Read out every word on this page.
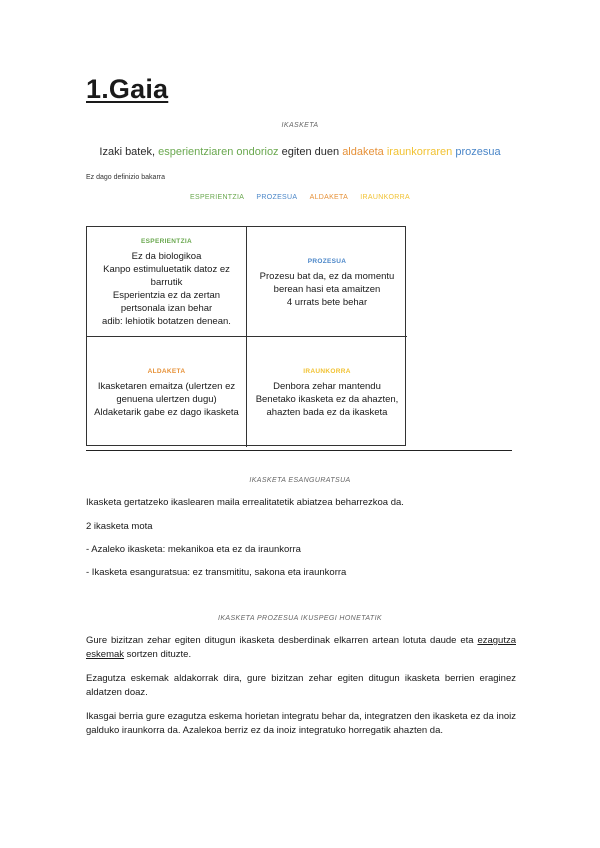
1.Gaia
IKASKETA
Izaki batek, esperientziaren ondorioz egiten duen aldaketa iraunkorraren prozesua
Ez dago definizio bakarra
ESPERIENTZIA PROZESUA ALDAKETA IRAUNKORRA
ESPERIENTZIA

Ez da biologikoa

Kanpo estimuluetatik datoz ez barrutik

Esperientzia ez da zertan pertsonala izan behar

adib: lehiotik botatzen denean.

PROZESUA

Prozesu bat da, ez da momentu berean hasi eta amaitzen

4 urrats bete behar

ALDAKETA

Ikasketaren emaitza (ulertzen ez genuena ulertzen dugu)

Aldaketarik gabe ez dago ikasketa

IRAUNKORRA

Denbora zehar mantendu

Benetako ikasketa ez da ahazten, ahazten bada ez da ikasketa

IKASKETA ESANGURATSUA

Ikasketa gertatzeko ikaslearen maila errealitatetik abiatzea beharrezkoa da.

2 ikasketa mota

- Azaleko ikasketa: mekanikoa eta ez da iraunkorra

- Ikasketa esanguratsua: ez transmititu, sakona eta iraunkorra

IKASKETA PROZESUA IKUSPEGI HONETATIK

Gure bizitzan zehar egiten ditugun ikasketa desberdinak elkarren artean lotuta daude eta ezagutza eskemak sortzen dituzte.

Ezagutza eskemak aldakorrak dira, gure bizitzan zehar egiten ditugun ikasketa berrien eraginez aldatzen doaz.

Ikasgai berria gure ezagutza eskema horietan integratu behar da, integratzen den ikasketa ez da inoiz galduko iraunkorra da. Azalekoa berriz ez da inoiz integratuko horregatik ahazten da.
